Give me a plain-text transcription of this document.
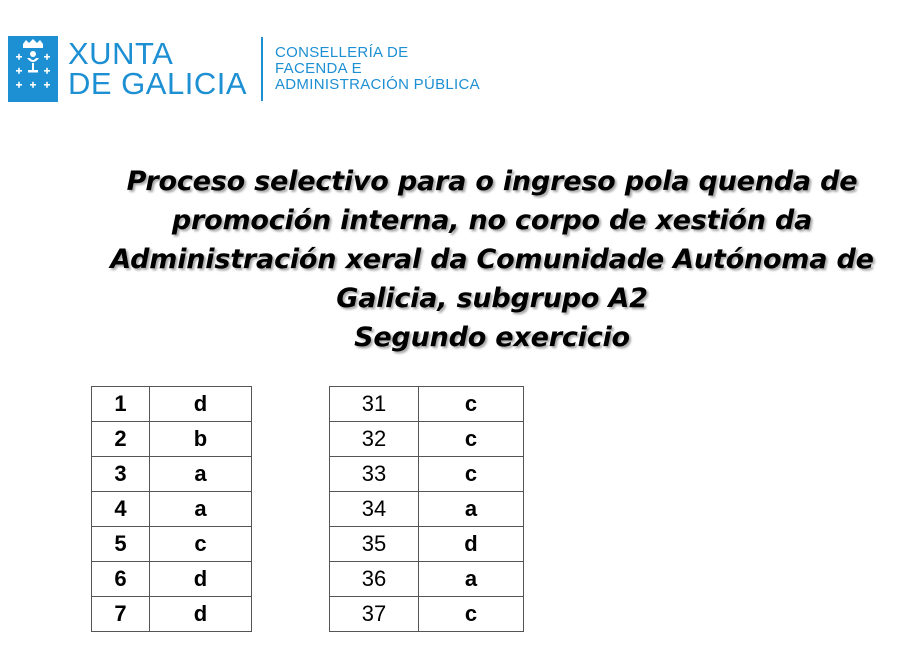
XUNTA
DE GALICIA
CONSELLERÍA DE
FACENDA E
ADMINISTRACIÓN PÚBLICA
Proceso selectivo para o ingreso pola quenda de
promoción interna, no corpo de xestión da
Administración xeral da Comunidade Autónoma de
Galicia, subgrupo A2
Segundo exercicio
1	d
2	b
3	a
4	a
5	c
6	d
7	d
31	c
32	c
33	c
34	a
35	d
36	a
37	c
